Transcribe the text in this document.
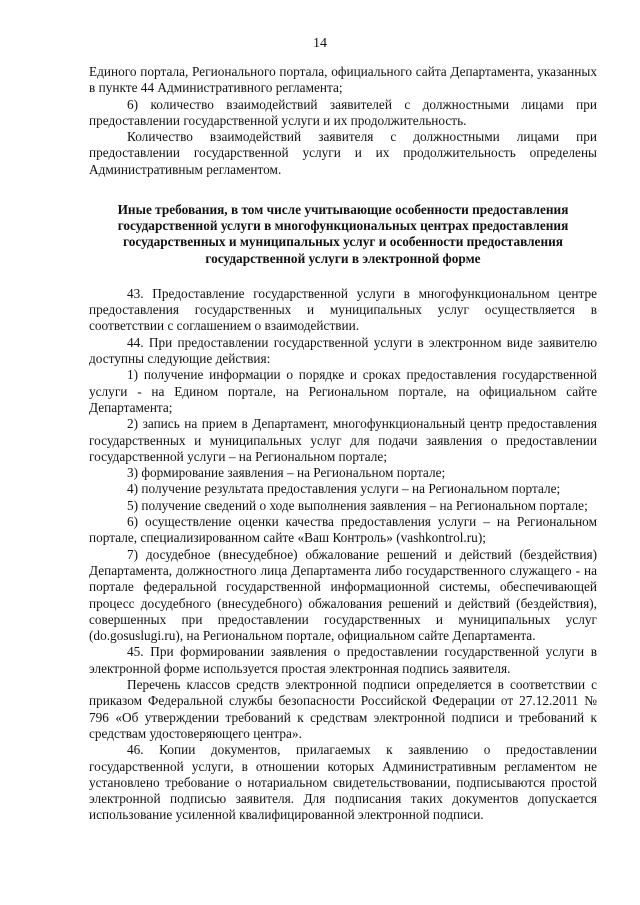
14

Единого портала, Регионального портала, официального сайта Департамента, указанных в пункте 44 Административного регламента;

6) количество взаимодействий заявителей с должностными лицами при предоставлении государственной услуги и их продолжительность.

Количество взаимодействий заявителя с должностными лицами при предоставлении государственной услуги и их продолжительность определены Административным регламентом.

Иные требования, в том числе учитывающие особенности предоставления государственной услуги в многофункциональных центрах предоставления государственных и муниципальных услуг и особенности предоставления государственной услуги в электронной форме

43. Предоставление государственной услуги в многофункциональном центре предоставления государственных и муниципальных услуг осуществляется в соответствии с соглашением о взаимодействии.

44. При предоставлении государственной услуги в электронном виде заявителю доступны следующие действия:

1) получение информации о порядке и сроках предоставления государственной услуги - на Едином портале, на Региональном портале, на официальном сайте Департамента;

2) запись на прием в Департамент, многофункциональный центр предоставления государственных и муниципальных услуг для подачи заявления о предоставлении государственной услуги – на Региональном портале;

3) формирование заявления – на Региональном портале;

4) получение результата предоставления услуги – на Региональном портале;

5) получение сведений о ходе выполнения заявления – на Региональном портале;

6) осуществление оценки качества предоставления услуги – на Региональном портале, специализированном сайте «Ваш Контроль» (vashkontrol.ru);

7) досудебное (внесудебное) обжалование решений и действий (бездействия) Департамента, должностного лица Департамента либо государственного служащего - на портале федеральной государственной информационной системы, обеспечивающей процесс досудебного (внесудебного) обжалования решений и действий (бездействия), совершенных при предоставлении государственных и муниципальных услуг (do.gosuslugi.ru), на Региональном портале, официальном сайте Департамента.

45. При формировании заявления о предоставлении государственной услуги в электронной форме используется простая электронная подпись заявителя.

Перечень классов средств электронной подписи определяется в соответствии с приказом Федеральной службы безопасности Российской Федерации от 27.12.2011 № 796 «Об утверждении требований к средствам электронной подписи и требований к средствам удостоверяющего центра».

46. Копии документов, прилагаемых к заявлению о предоставлении государственной услуги, в отношении которых Административным регламентом не установлено требование о нотариальном свидетельствовании, подписываются простой электронной подписью заявителя. Для подписания таких документов допускается использование усиленной квалифицированной электронной подписи.
